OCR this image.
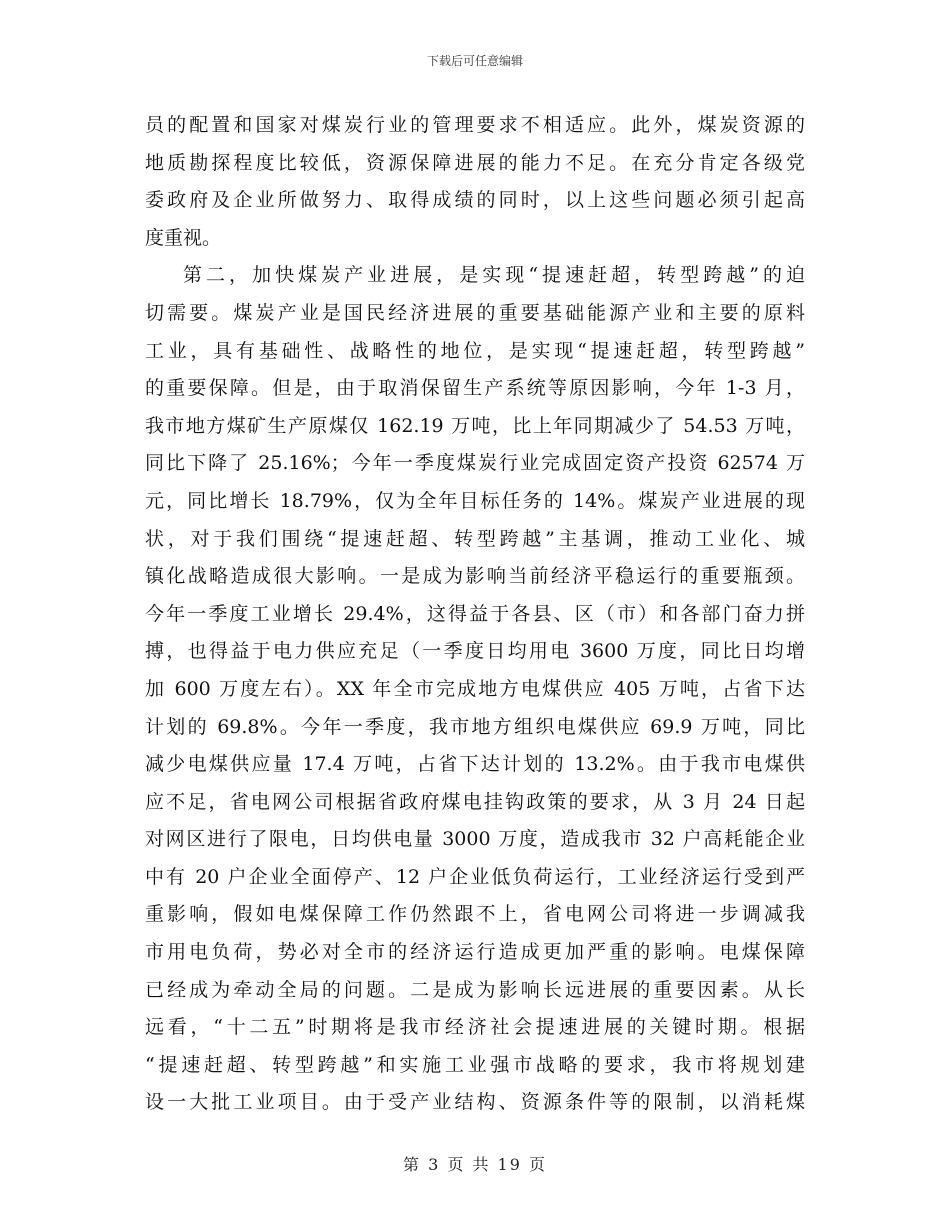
下载后可任意编辑

员的配置和国家对煤炭行业的管理要求不相适应。此外，煤炭资源的
地质勘探程度比较低，资源保障进展的能力不足。在充分肯定各级党
委政府及企业所做努力、取得成绩的同时，以上这些问题必须引起高
度重视。

第二，加快煤炭产业进展，是实现“提速赶超，转型跨越”的迫
切需要。煤炭产业是国民经济进展的重要基础能源产业和主要的原料
工业，具有基础性、战略性的地位，是实现“提速赶超，转型跨越”
的重要保障。但是，由于取消保留生产系统等原因影响，今年 1-3 月，
我市地方煤矿生产原煤仅 162.19 万吨，比上年同期减少了 54.53 万吨，
同比下降了 25.16%；今年一季度煤炭行业完成固定资产投资 62574 万
元，同比增长 18.79%，仅为全年目标任务的 14%。煤炭产业进展的现
状，对于我们围绕“提速赶超、转型跨越”主基调，推动工业化、城
镇化战略造成很大影响。一是成为影响当前经济平稳运行的重要瓶颈。
今年一季度工业增长 29.4%，这得益于各县、区（市）和各部门奋力拼
搏，也得益于电力供应充足（一季度日均用电 3600 万度，同比日均增
加 600 万度左右）。XX 年全市完成地方电煤供应 405 万吨，占省下达
计划的 69.8%。今年一季度，我市地方组织电煤供应 69.9 万吨，同比
减少电煤供应量 17.4 万吨，占省下达计划的 13.2%。由于我市电煤供
应不足，省电网公司根据省政府煤电挂钩政策的要求，从 3 月 24 日起
对网区进行了限电，日均供电量 3000 万度，造成我市 32 户高耗能企业
中有 20 户企业全面停产、12 户企业低负荷运行，工业经济运行受到严
重影响，假如电煤保障工作仍然跟不上，省电网公司将进一步调减我
市用电负荷，势必对全市的经济运行造成更加严重的影响。电煤保障
已经成为牵动全局的问题。二是成为影响长远进展的重要因素。从长
远看，“十二五”时期将是我市经济社会提速进展的关键时期。根据
“提速赶超、转型跨越”和实施工业强市战略的要求，我市将规划建
设一大批工业项目。由于受产业结构、资源条件等的限制，以消耗煤

第 3 页 共 19 页
